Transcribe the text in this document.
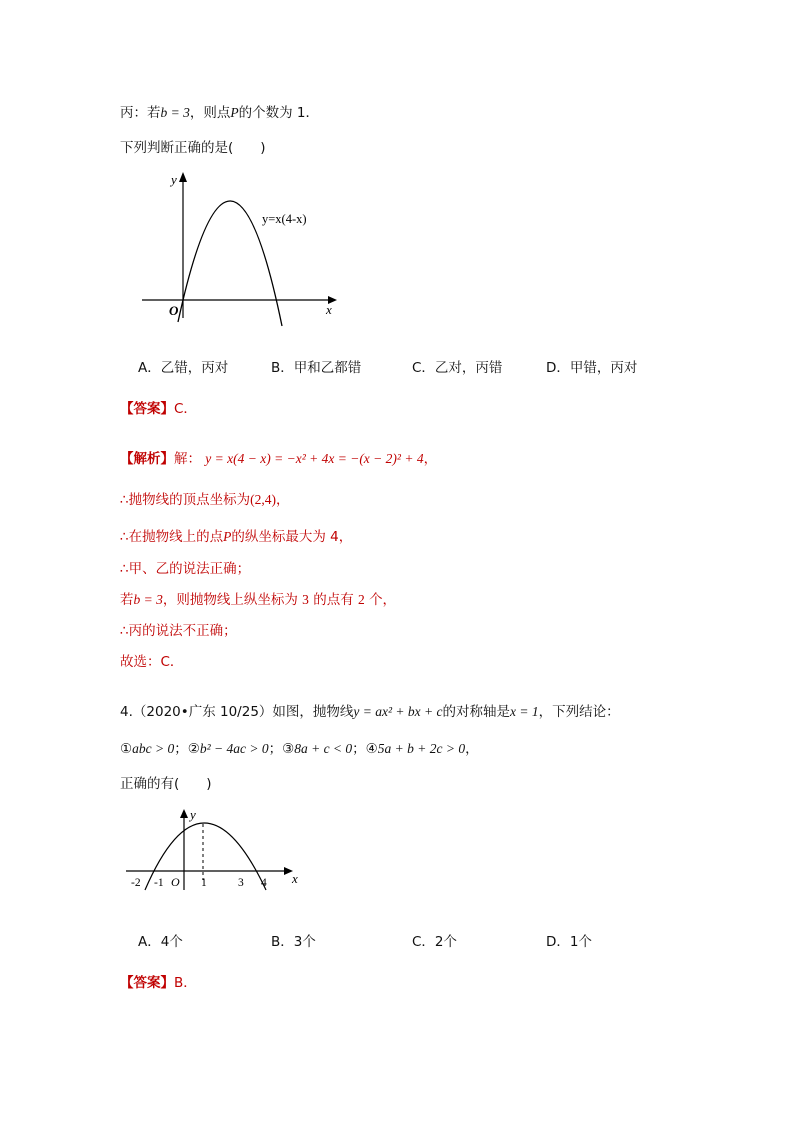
丙：若b = 3，则点P的个数为 1．
下列判断正确的是(　　)
y
x
O
y=x(4-x)
A．乙错，丙对	B．甲和乙都错	C．乙对，丙错	D．甲错，丙对
【答案】C．
【解析】解： y = x(4 − x) = −x² + 4x = −(x − 2)² + 4，
∴抛物线的顶点坐标为(2,4)，
∴在抛物线上的点P的纵坐标最大为 4，
∴甲、乙的说法正确；
若b = 3，则抛物线上纵坐标为 3 的点有 2 个，
∴丙的说法不正确；
故选：C．
4.（2020•广东 10/25）如图，抛物线y = ax² + bx + c的对称轴是x = 1，下列结论：
①abc > 0；②b² − 4ac > 0；③8a + c < 0；④5a + b + 2c > 0，
正确的有(　　)
y
x
O
-2 -1	1	3 4
A．4个	B．3个	C．2个	D．1个
【答案】B．
